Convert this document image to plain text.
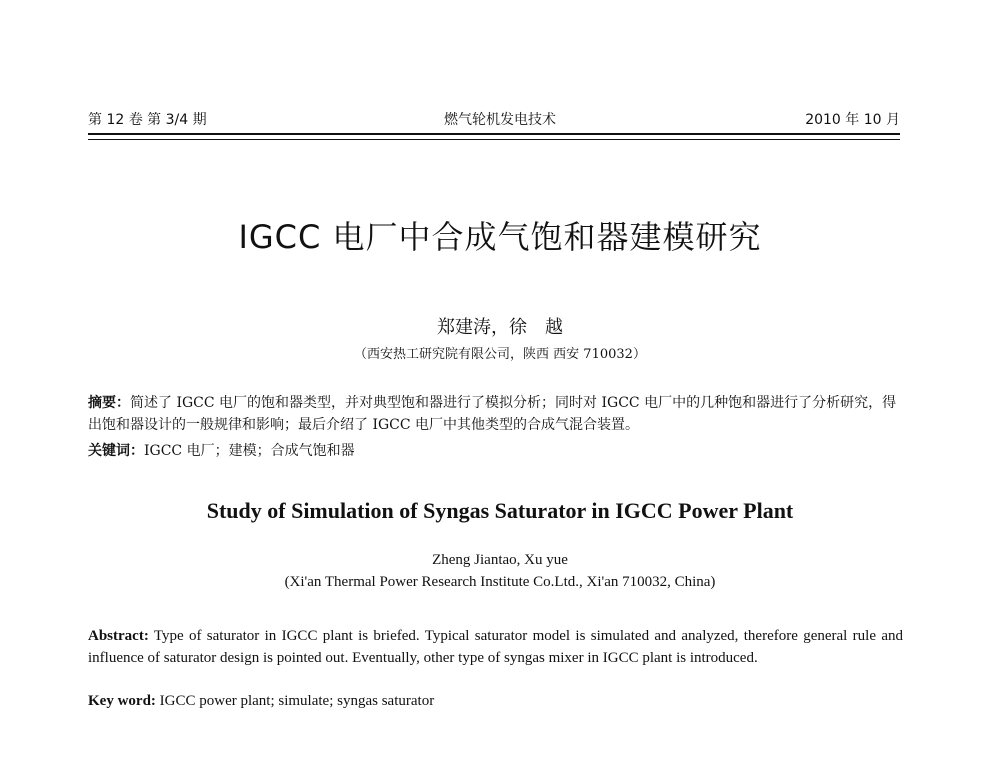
第 12 卷 第 3/4 期	燃气轮机发电技术	2010 年 10 月
IGCC 电厂中合成气饱和器建模研究
郑建涛，徐　越
（西安热工研究院有限公司，陕西 西安 710032）
摘要：简述了 IGCC 电厂的饱和器类型，并对典型饱和器进行了模拟分析；同时对 IGCC 电厂中的几种饱和器进行了分析研究，得出饱和器设计的一般规律和影响；最后介绍了 IGCC 电厂中其他类型的合成气混合装置。
关键词：IGCC 电厂；建模；合成气饱和器
Study of Simulation of Syngas Saturator in IGCC Power Plant
Zheng Jiantao, Xu yue
(Xi'an Thermal Power Research Institute Co.Ltd., Xi'an 710032, China)
Abstract: Type of saturator in IGCC plant is briefed. Typical saturator model is simulated and analyzed, therefore general rule and influence of saturator design is pointed out. Eventually, other type of syngas mixer in IGCC plant is introduced.
Key word: IGCC power plant; simulate; syngas saturator
